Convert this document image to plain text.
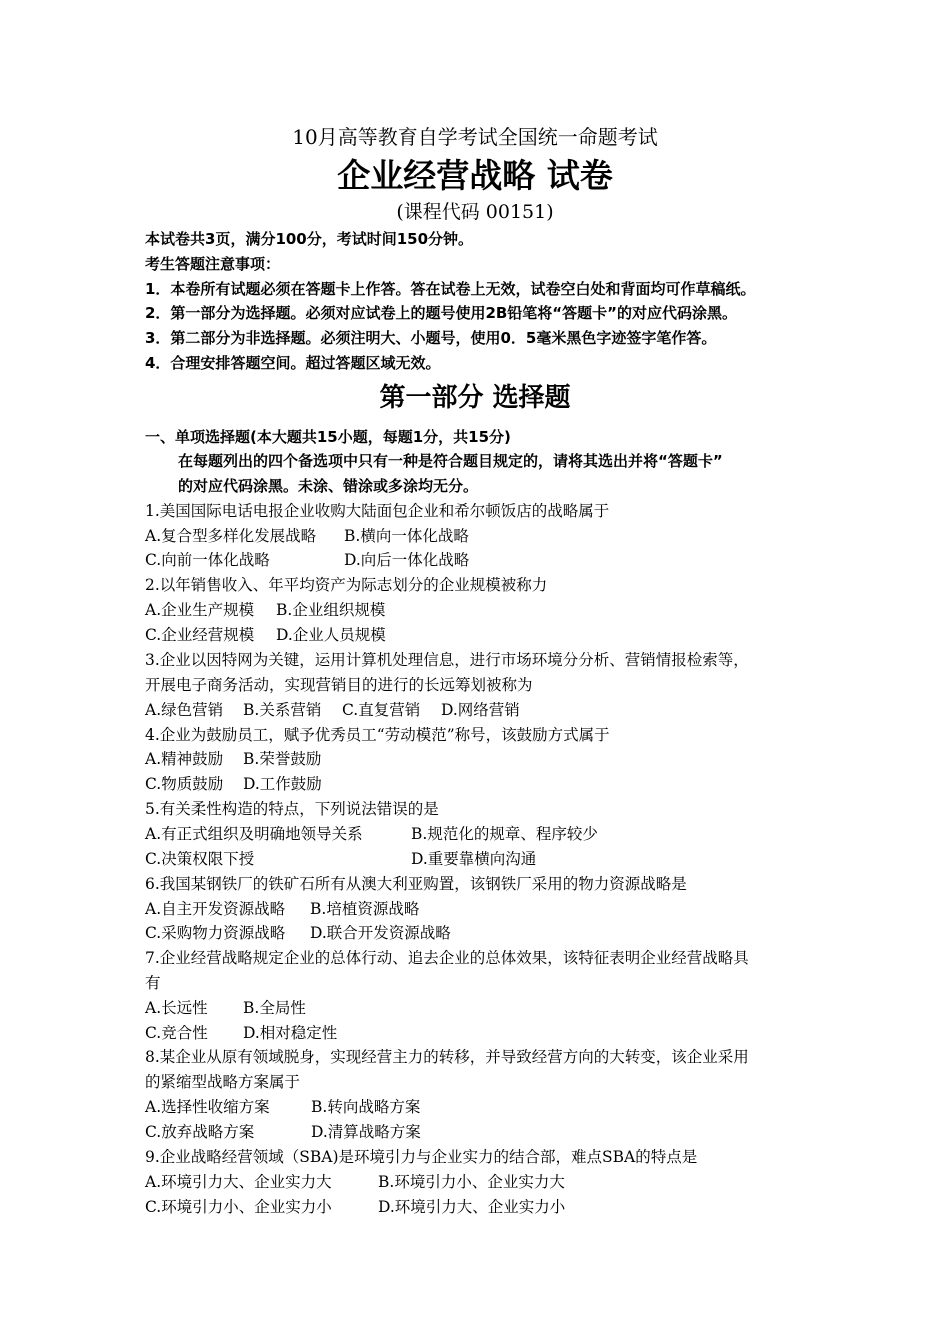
10月高等教育自学考试全国统一命题考试
企业经营战略 试卷
(课程代码 00151)
本试卷共3页，满分100分，考试时间150分钟。
考生答题注意事项：
1．本卷所有试题必须在答题卡上作答。答在试卷上无效，试卷空白处和背面均可作草稿纸。
2．第一部分为选择题。必须对应试卷上的题号使用2B铅笔将“答题卡”的对应代码涂黑。
3．第二部分为非选择题。必须注明大、小题号，使用0．5毫米黑色字迹签字笔作答。
4．合理安排答题空间。超过答题区域无效。
第一部分 选择题
一、单项选择题(本大题共15小题，每题1分，共15分)
在每题列出的四个备选项中只有一种是符合题目规定的，请将其选出并将“答题卡”
的对应代码涂黑。未涂、错涂或多涂均无分。
1.美国国际电话电报企业收购大陆面包企业和希尔顿饭店的战略属于
A.复合型多样化发展战略 B.横向一体化战略
C.向前一体化战略	D.向后一体化战略
2.以年销售收入、年平均资产为际志划分的企业规模被称力
A.企业生产规模 B.企业组织规模
C.企业经营规模 D.企业人员规模
3.企业以因特网为关键，运用计算机处理信息，进行市场环境分分析、营销情报检索等，
开展电子商务活动，实现营销目的进行的长远筹划被称为
A.绿色营销 B.关系营销 C.直复营销 D.网络营销
4.企业为鼓励员工，赋予优秀员工“劳动模范”称号，该鼓励方式属于
A.精神鼓励 B.荣誉鼓励
C.物质鼓励 D.工作鼓励
5.有关柔性构造的特点，下列说法错误的是
A.有正式组织及明确地领导关系	B.规范化的规章、程序较少
C.决策权限下授	D.重要靠横向沟通
6.我国某钢铁厂的铁矿石所有从澳大利亚购置，该钢铁厂采用的物力资源战略是
A.自主开发资源战略 B.培植资源战略
C.采购物力资源战略 D.联合开发资源战略
7.企业经营战略规定企业的总体行动、追去企业的总体效果，该特征表明企业经营战略具
有
A.长远性 B.全局性
C.竞合性 D.相对稳定性
8.某企业从原有领域脱身，实现经营主力的转移，并导致经营方向的大转变，该企业采用
的紧缩型战略方案属于
A.选择性收缩方案	B.转向战略方案
C.放弃战略方案	D.清算战略方案
9.企业战略经营领域（SBA)是环境引力与企业实力的结合部，难点SBA的特点是
A.环境引力大、企业实力大	B.环境引力小、企业实力大
C.环境引力小、企业实力小	D.环境引力大、企业实力小
